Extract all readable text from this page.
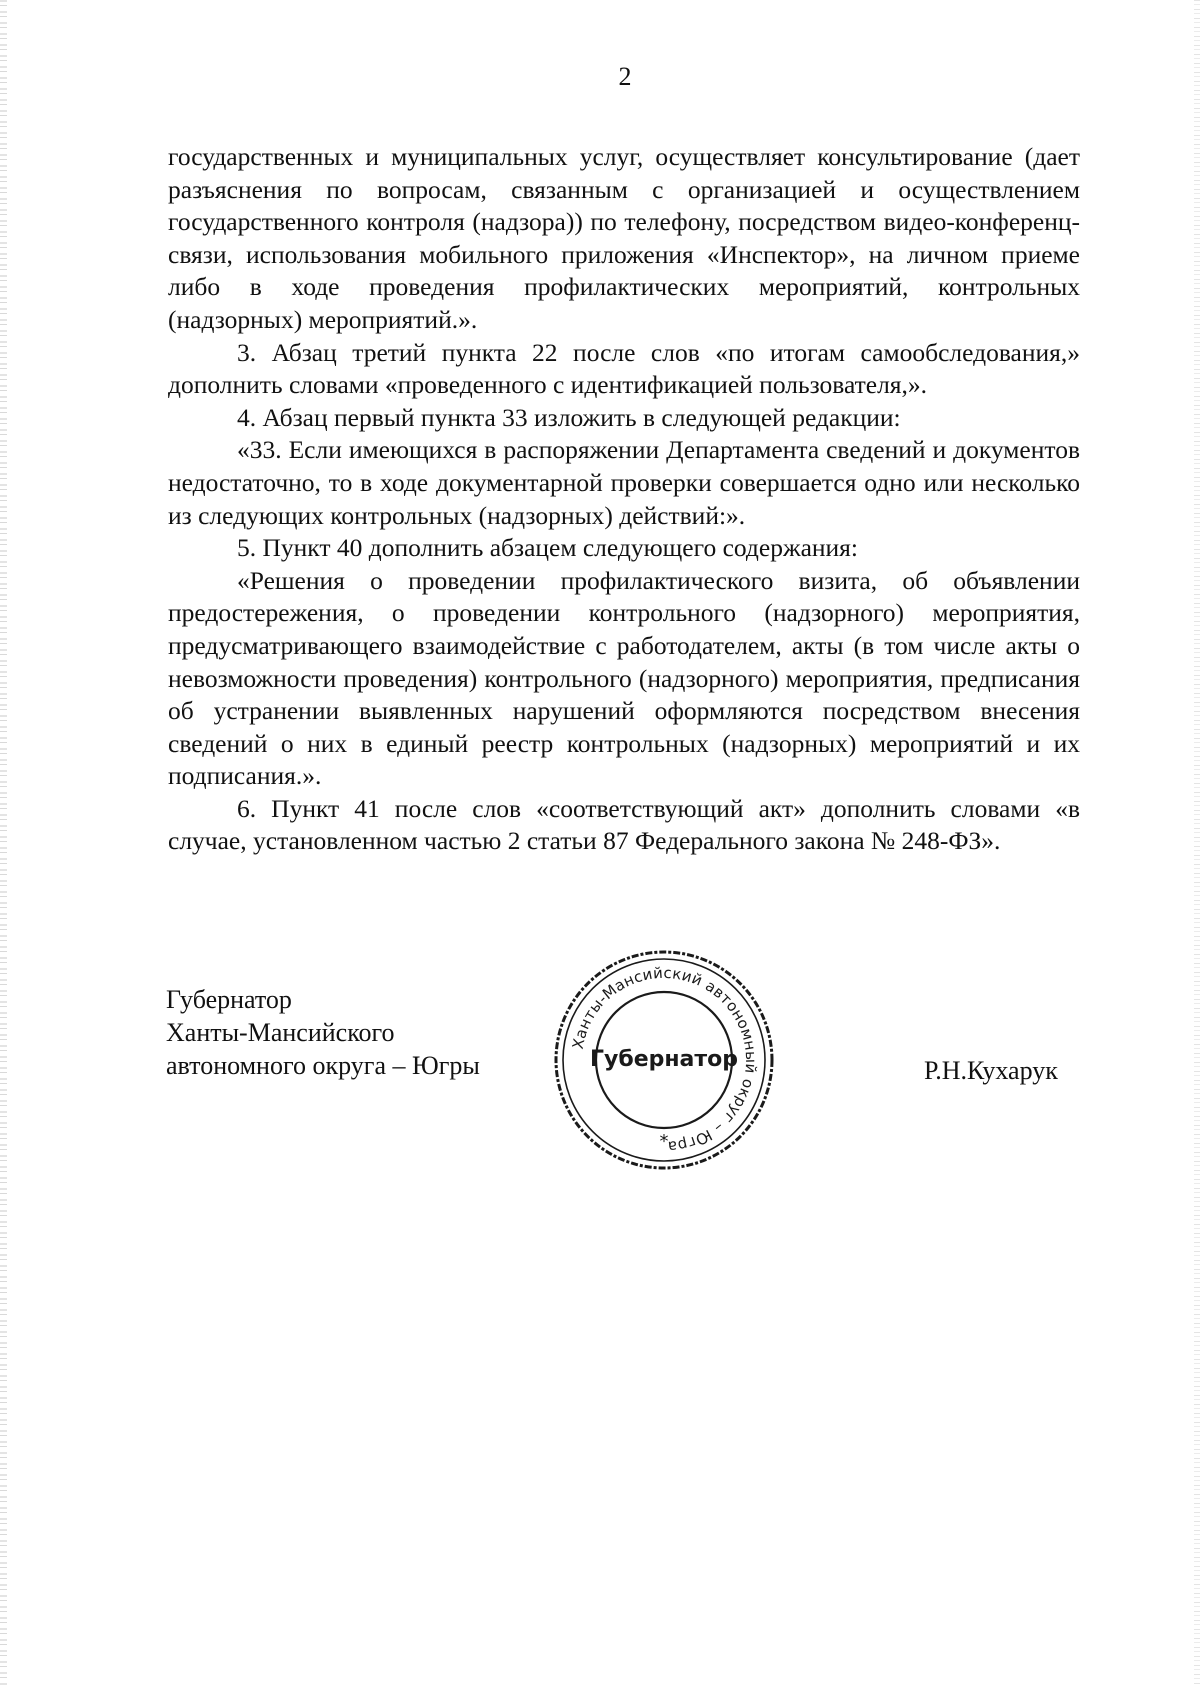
2

государственных и муниципальных услуг, осуществляет консультирование (дает разъяснения по вопросам, связанным с организацией и осуществлением государственного контроля (надзора)) по телефону, посредством видео-конференц-связи, использования мобильного приложения «Инспектор», на личном приеме либо в ходе проведения профилактических мероприятий, контрольных (надзорных) мероприятий.».

3. Абзац третий пункта 22 после слов «по итогам самообследования,» дополнить словами «проведенного с идентификацией пользователя,».

4. Абзац первый пункта 33 изложить в следующей редакции:

«33. Если имеющихся в распоряжении Департамента сведений и документов недостаточно, то в ходе документарной проверки совершается одно или несколько из следующих контрольных (надзорных) действий:».

5. Пункт 40 дополнить абзацем следующего содержания:

«Решения о проведении профилактического визита, об объявлении предостережения, о проведении контрольного (надзорного) мероприятия, предусматривающего взаимодействие с работодателем, акты (в том числе акты о невозможности проведения) контрольного (надзорного) мероприятия, предписания об устранении выявленных нарушений оформляются посредством внесения сведений о них в единый реестр контрольных (надзорных) мероприятий и их подписания.».

6. Пункт 41 после слов «соответствующий акт» дополнить словами «в случае, установленном частью 2 статьи 87 Федерального закона № 248-ФЗ».

Губернатор
Ханты-Мансийского
автономного округа – Югры	Р.Н.Кухарук
Ханты-Мансийский автономный округ – Югра
Губернатор
*
